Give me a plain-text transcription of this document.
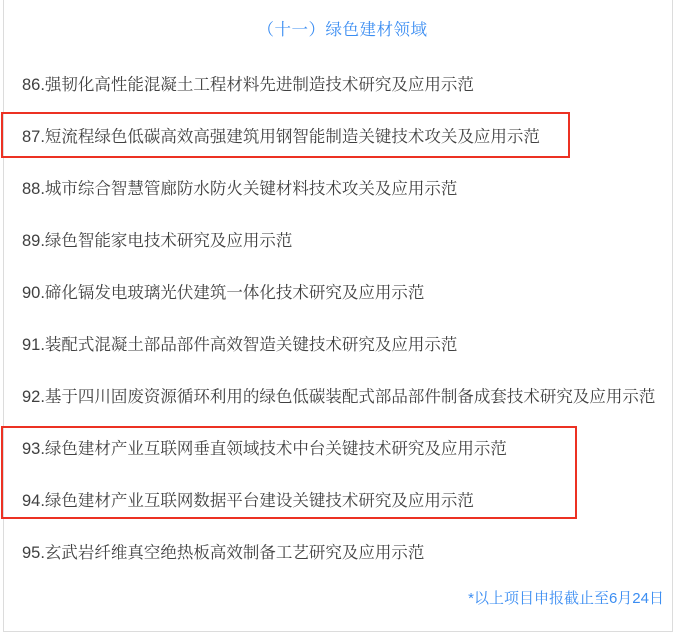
（十一）绿色建材领域
86.强韧化高性能混凝土工程材料先进制造技术研究及应用示范
87.短流程绿色低碳高效高强建筑用钢智能制造关键技术攻关及应用示范
88.城市综合智慧管廊防水防火关键材料技术攻关及应用示范
89.绿色智能家电技术研究及应用示范
90.碲化镉发电玻璃光伏建筑一体化技术研究及应用示范
91.装配式混凝土部品部件高效智造关键技术研究及应用示范
92.基于四川固废资源循环利用的绿色低碳装配式部品部件制备成套技术研究及应用示范
93.绿色建材产业互联网垂直领域技术中台关键技术研究及应用示范
94.绿色建材产业互联网数据平台建设关键技术研究及应用示范
95.玄武岩纤维真空绝热板高效制备工艺研究及应用示范
*以上项目申报截止至6月24日
